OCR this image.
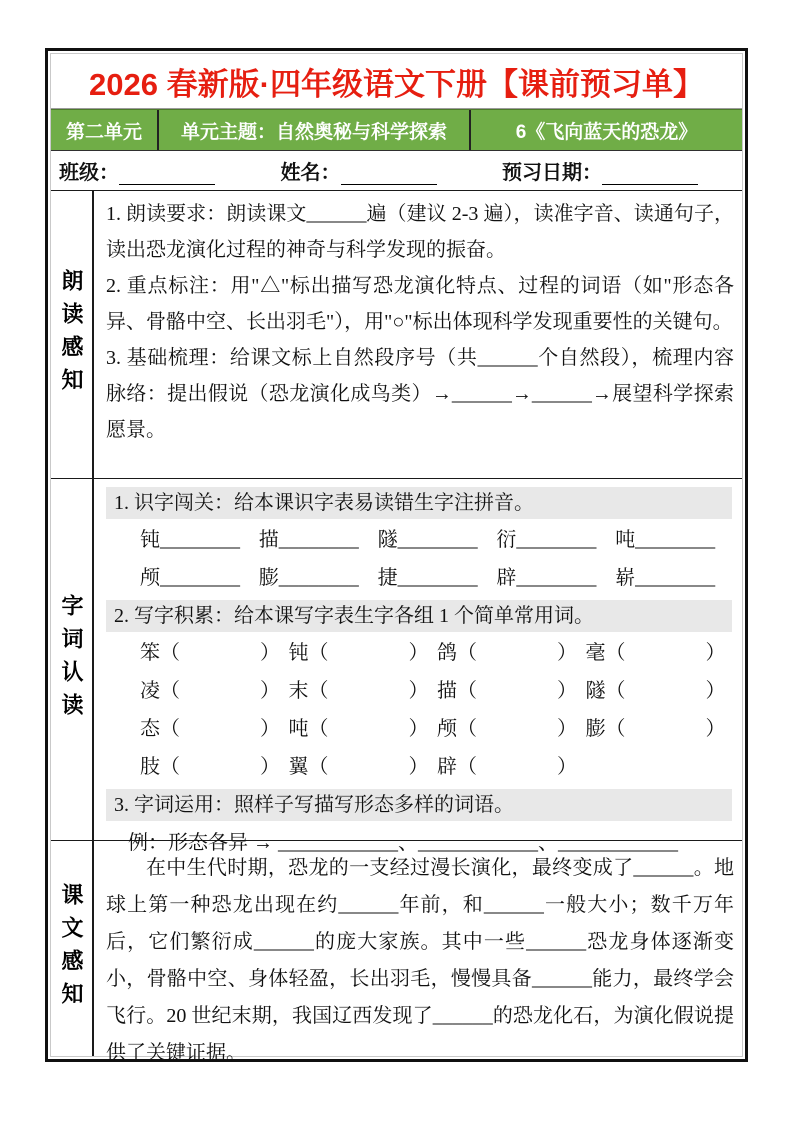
2026 春新版·四年级语文下册【课前预习单】
第二单元	单元主题：自然奥秘与科学探索	6《飞向蓝天的恐龙》
班级：	姓名：	预习日期：
朗读感知

1. 朗读要求：朗读课文______遍（建议 2-3 遍），读准字音、读通句子，读出恐龙演化过程的神奇与科学发现的振奋。

2. 重点标注：用"△"标出描写恐龙演化特点、过程的词语（如"形态各异、骨骼中空、长出羽毛"），用"○"标出体现科学发现重要性的关键句。

3. 基础梳理：给课文标上自然段序号（共______个自然段），梳理内容脉络：提出假说（恐龙演化成鸟类）→______→______→展望科学探索愿景。

字词认读
1. 识字闯关：给本课识字表易读错生字注拼音。
钝________ 描________ 隧________ 衍________ 吨________
颅________ 膨________ 捷________ 辟________ 崭________
2. 写字积累：给本课写字表生字各组 1 个简单常用词。
笨（　　　　） 钝（　　　　） 鸽（　　　　） 毫（　　　　）
凌（　　　　） 末（　　　　） 描（　　　　） 隧（　　　　）
态（　　　　） 吨（　　　　） 颅（　　　　） 膨（　　　　）
肢（　　　　） 翼（　　　　） 辟（　　　　）
3. 字词运用：照样子写描写形态多样的词语。
例：形态各异 → ____________、____________、____________
课文感知

在中生代时期，恐龙的一支经过漫长演化，最终变成了______。地球上第一种恐龙出现在约______年前，和______一般大小；数千万年后，它们繁衍成______的庞大家族。其中一些______恐龙身体逐渐变小，骨骼中空、身体轻盈，长出羽毛，慢慢具备______能力，最终学会飞行。20 世纪末期，我国辽西发现了______的恐龙化石，为演化假说提供了关键证据。
